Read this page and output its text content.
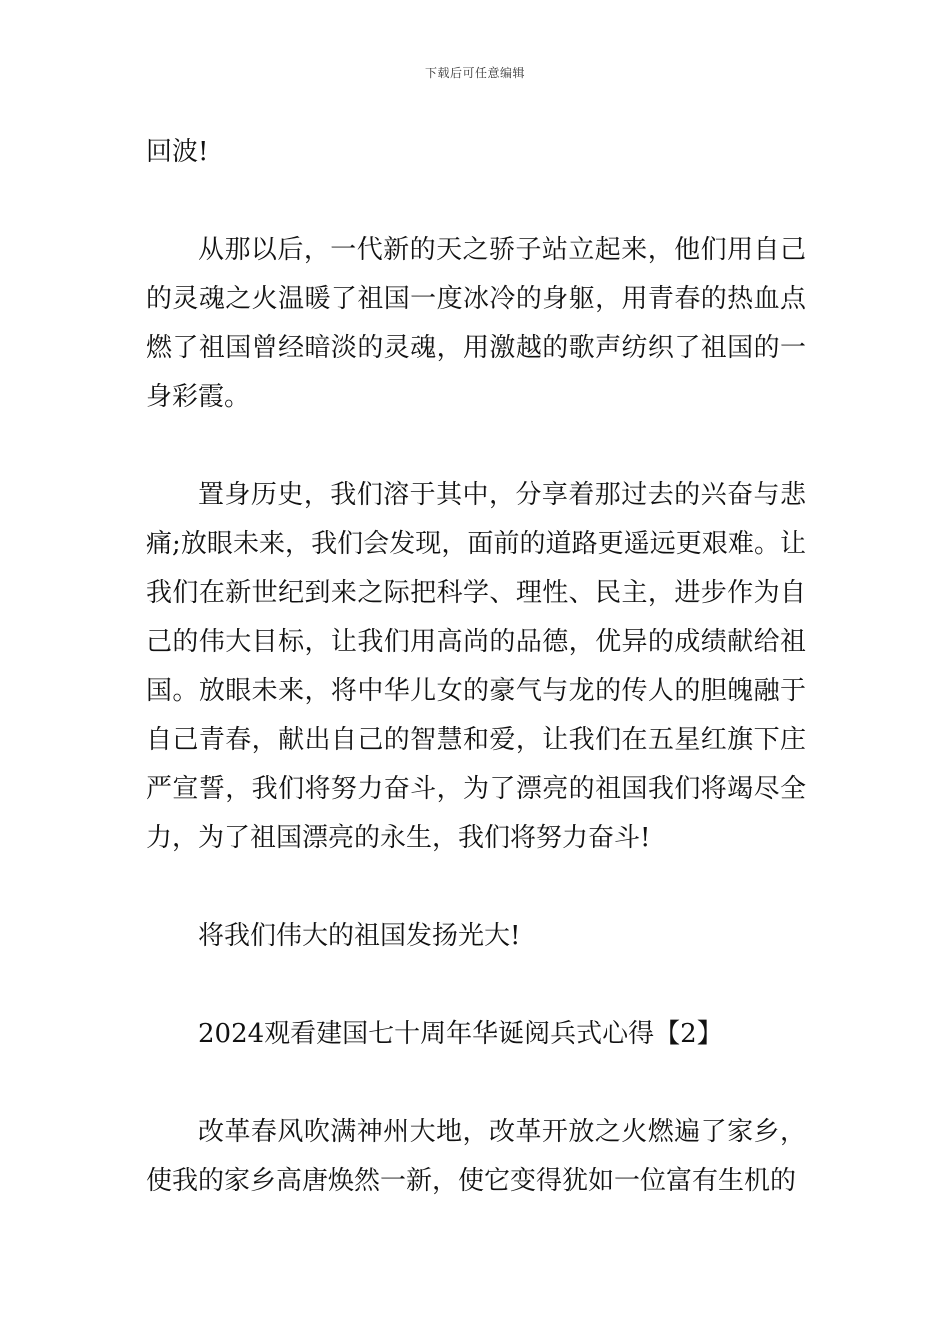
下载后可任意编辑

回波!

从那以后，一代新的天之骄子站立起来，他们用自己的灵魂之火温暖了祖国一度冰冷的身躯，用青春的热血点燃了祖国曾经暗淡的灵魂，用激越的歌声纺织了祖国的一身彩霞。

置身历史，我们溶于其中，分享着那过去的兴奋与悲痛;放眼未来，我们会发现，面前的道路更遥远更艰难。让我们在新世纪到来之际把科学、理性、民主，进步作为自己的伟大目标，让我们用高尚的品德，优异的成绩献给祖国。放眼未来，将中华儿女的豪气与龙的传人的胆魄融于自己青春，献出自己的智慧和爱，让我们在五星红旗下庄严宣誓，我们将努力奋斗，为了漂亮的祖国我们将竭尽全力，为了祖国漂亮的永生，我们将努力奋斗!

将我们伟大的祖国发扬光大!

2024观看建国七十周年华诞阅兵式心得【2】

改革春风吹满神州大地，改革开放之火燃遍了家乡，使我的家乡高唐焕然一新，使它变得犹如一位富有生机的
